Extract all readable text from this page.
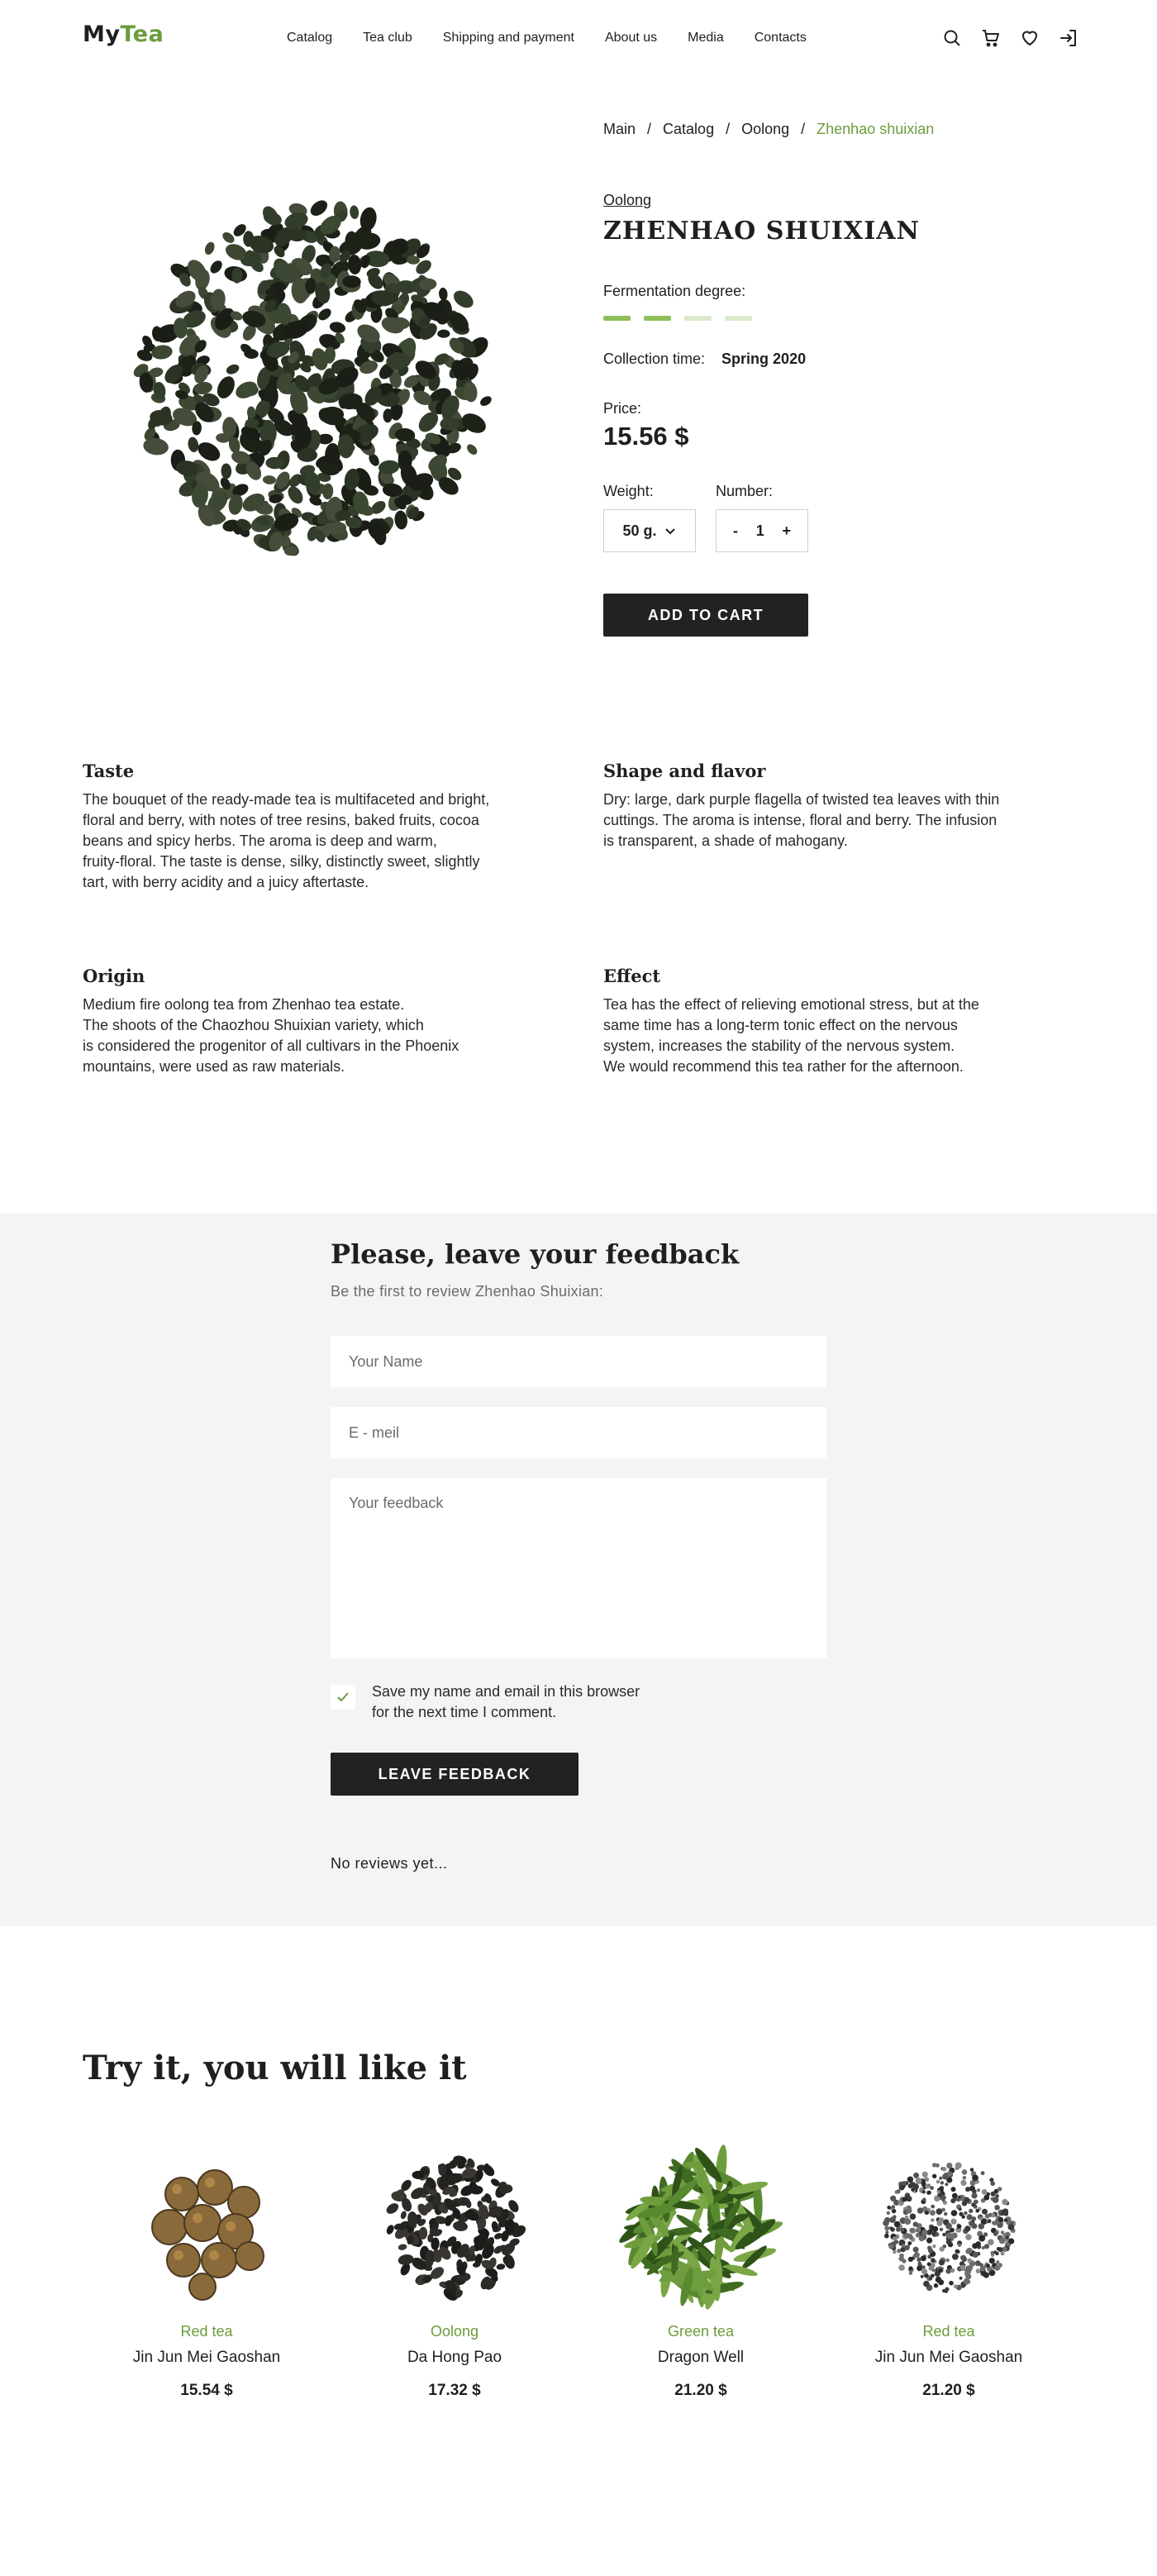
MyTea	Catalog Tea club Shipping and payment About us Media Contacts
Main / Catalog / Oolong / Zhenhao shuixian
Oolong
ZHENHAO SHUIXIAN
Fermentation degree:
Collection time: Spring 2020
Price:
15.56 $
Weight:	Number:
50 g.	- 1 +
ADD TO CART
Taste

The bouquet of the ready-made tea is multifaceted and bright,
floral and berry, with notes of tree resins, baked fruits, cocoa
beans and spicy herbs. The aroma is deep and warm,
fruity-floral. The taste is dense, silky, distinctly sweet, slightly
tart, with berry acidity and a juicy aftertaste.

Shape and flavor

Dry: large, dark purple flagella of twisted tea leaves with thin
cuttings. The aroma is intense, floral and berry. The infusion
is transparent, a shade of mahogany.

Origin

Medium fire oolong tea from Zhenhao tea estate.
The shoots of the Chaozhou Shuixian variety, which
is considered the progenitor of all cultivars in the Phoenix
mountains, were used as raw materials.

Effect

Tea has the effect of relieving emotional stress, but at the
same time has a long-term tonic effect on the nervous
system, increases the stability of the nervous system.
We would recommend this tea rather for the afternoon.

Please, leave your feedback
Be the first to review Zhenhao Shuixian:
Your Name
E - meil
Your feedback
Save my name and email in this browser
for the next time I comment.
LEAVE FEEDBACK
No reviews yet...
Try it, you will like it
Red tea
Jin Jun Mei Gaoshan
15.54 $
Oolong
Da Hong Pao
17.32 $
Green tea
Dragon Well
21.20 $
Red tea
Jin Jun Mei Gaoshan
21.20 $
